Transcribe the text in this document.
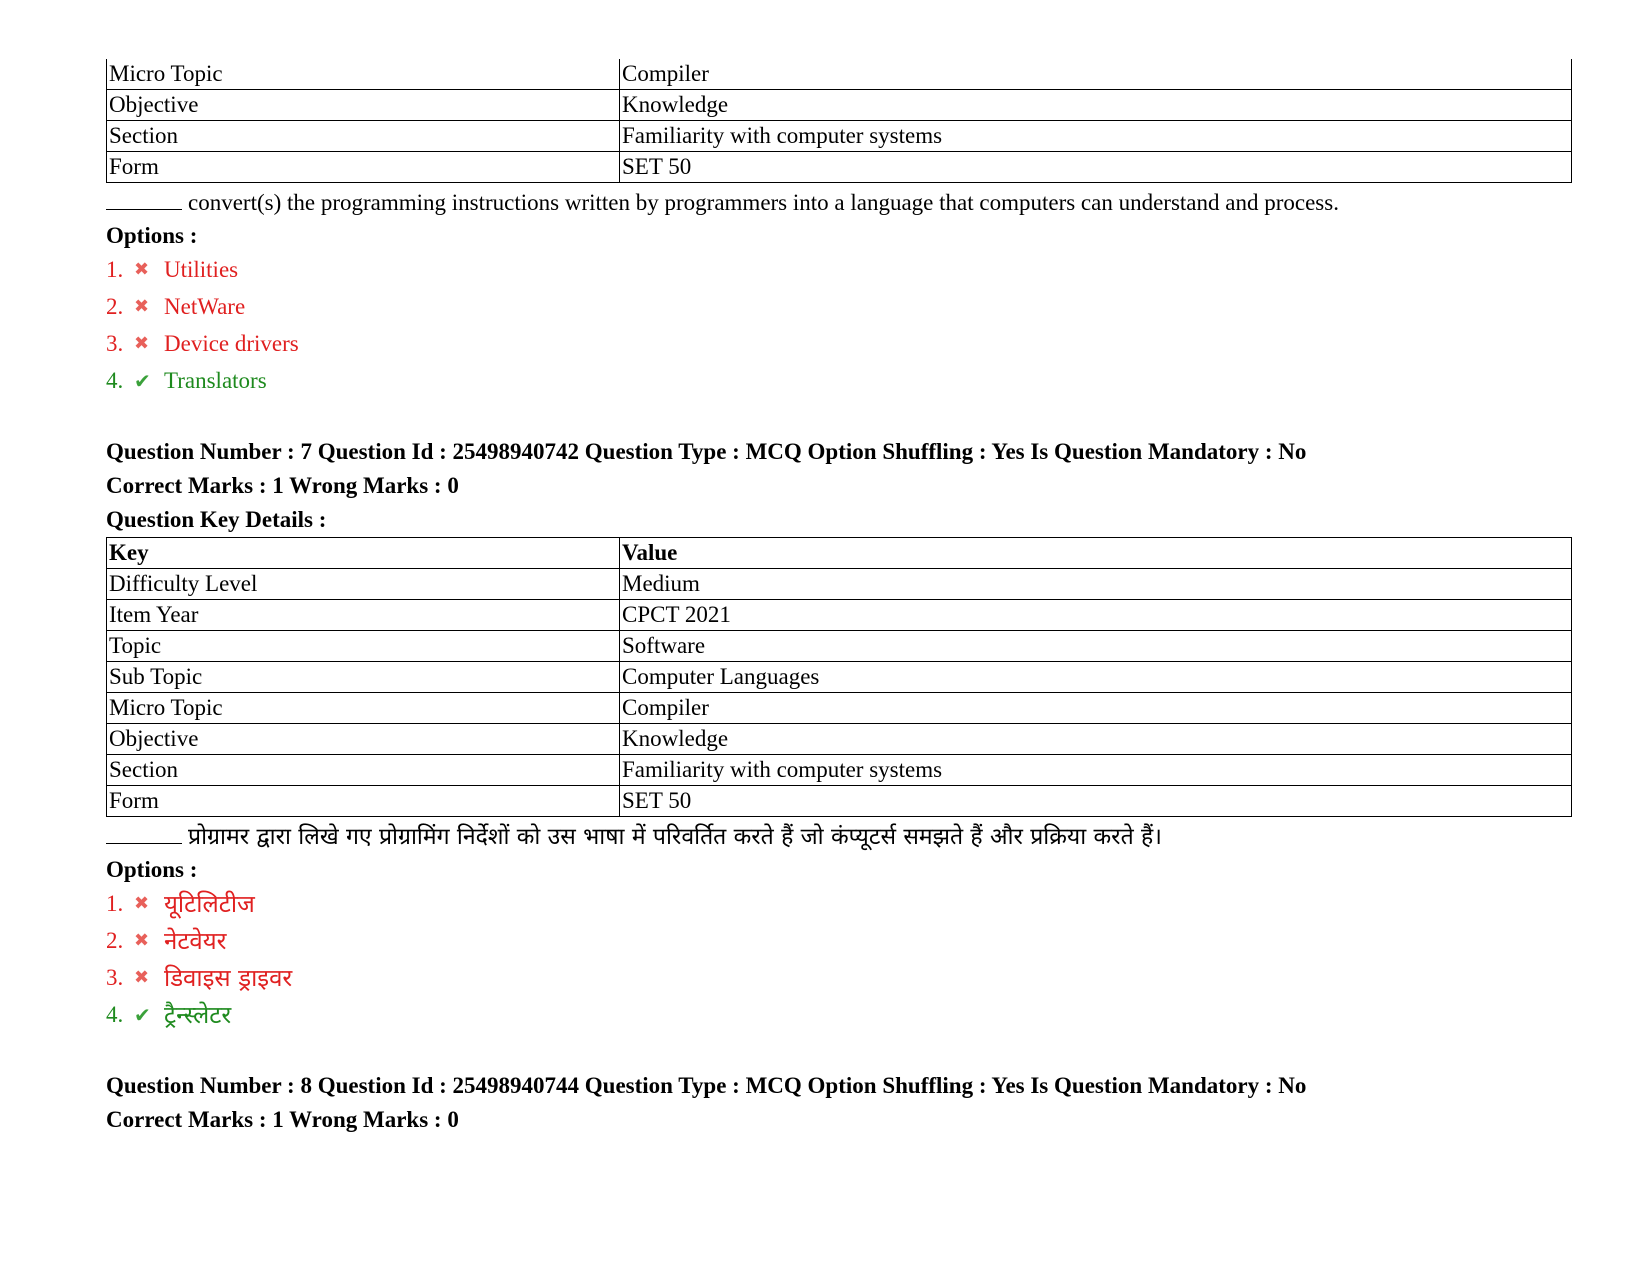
Micro Topic	Compiler
Objective	Knowledge
Section	Familiarity with computer systems
Form	SET 50
convert(s) the programming instructions written by programmers into a language that computers can understand and process.
Options :
1. ✖ Utilities
2. ✖ NetWare
3. ✖ Device drivers
4. ✔ Translators
Question Number : 7 Question Id : 25498940742 Question Type : MCQ Option Shuffling : Yes Is Question Mandatory : No
Correct Marks : 1 Wrong Marks : 0
Question Key Details :
Key	Value
Difficulty Level	Medium
Item Year	CPCT 2021
Topic	Software
Sub Topic	Computer Languages
Micro Topic	Compiler
Objective	Knowledge
Section	Familiarity with computer systems
Form	SET 50
प्रोग्रामर द्वारा लिखे गए प्रोग्रामिंग निर्देशों को उस भाषा में परिवर्तित करते हैं जो कंप्यूटर्स समझते हैं और प्रक्रिया करते हैं।
Options :
1. ✖ यूटिलिटीज
2. ✖ नेटवेयर
3. ✖ डिवाइस ड्राइवर
4. ✔ ट्रैन्स्लेटर
Question Number : 8 Question Id : 25498940744 Question Type : MCQ Option Shuffling : Yes Is Question Mandatory : No
Correct Marks : 1 Wrong Marks : 0
